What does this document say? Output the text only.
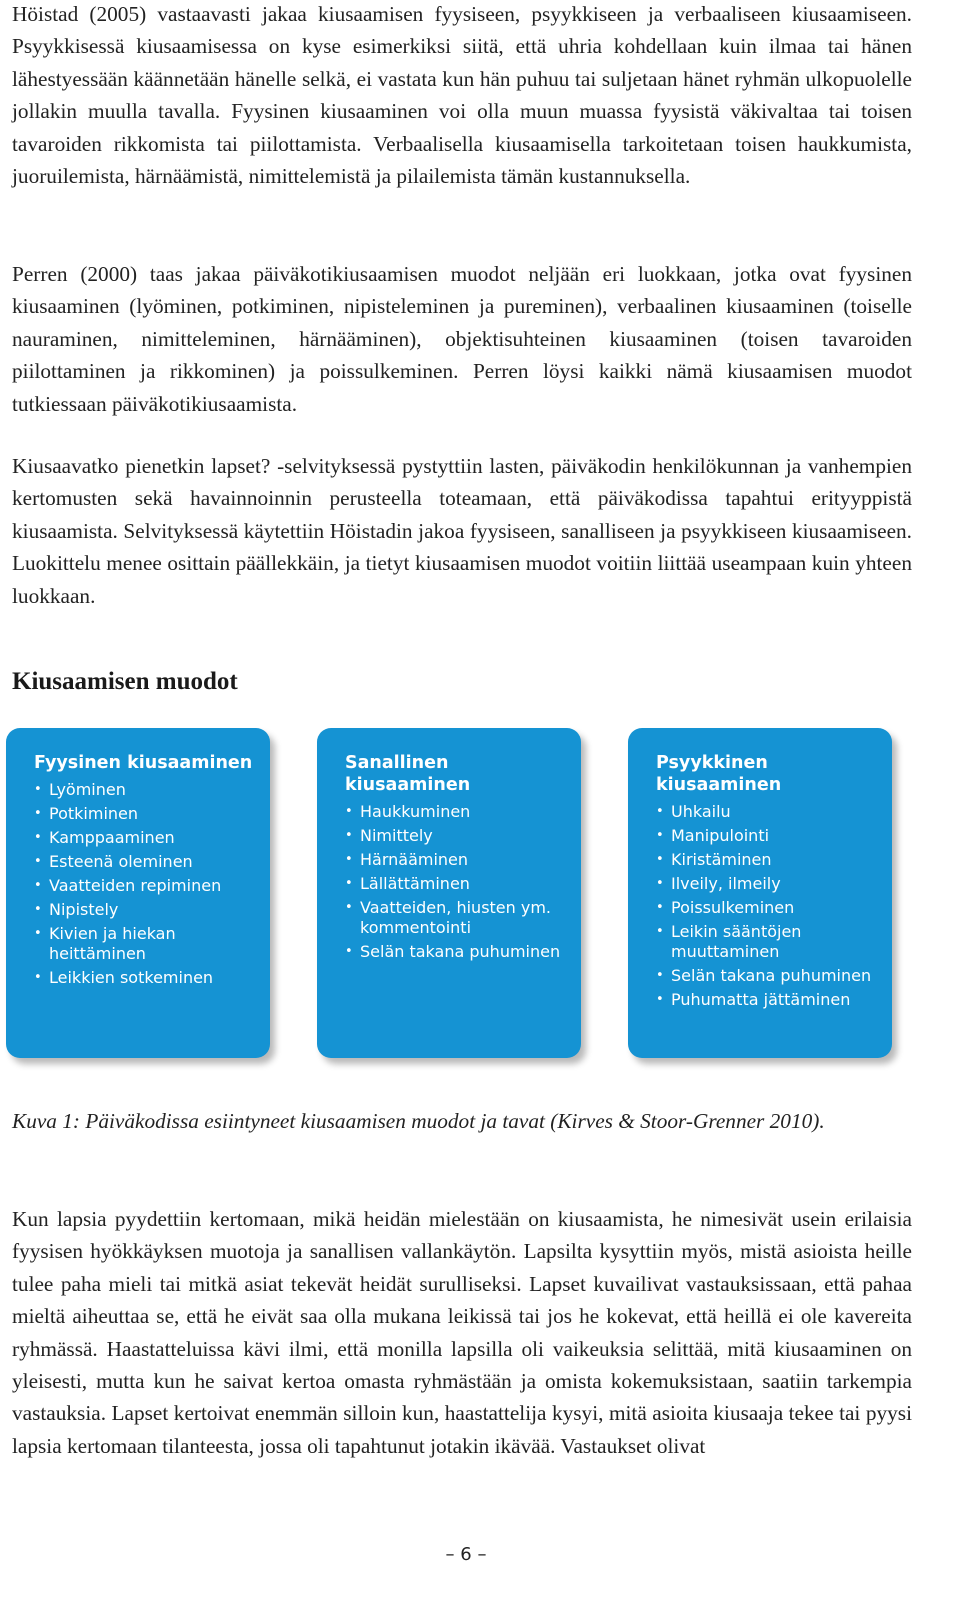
Höistad (2005) vastaavasti jakaa kiusaamisen fyysiseen, psyykkiseen ja verbaaliseen kiusaamiseen. Psyykkisessä kiusaamisessa on kyse esimerkiksi siitä, että uhria kohdellaan kuin ilmaa tai hänen lähestyessään käännetään hänelle selkä, ei vastata kun hän puhuu tai suljetaan hänet ryhmän ulkopuolelle jollakin muulla tavalla. Fyysinen kiusaaminen voi olla muun muassa fyysistä väkivaltaa tai toisen tavaroiden rikkomista tai piilottamista. Verbaalisella kiusaamisella tarkoitetaan toisen haukkumista, juoruilemista, härnäämistä, nimittelemistä ja pilailemista tämän kustannuksella.

Perren (2000) taas jakaa päiväkotikiusaamisen muodot neljään eri luokkaan, jotka ovat fyysinen kiusaaminen (lyöminen, potkiminen, nipisteleminen ja pureminen), verbaalinen kiusaaminen (toiselle nauraminen, nimitteleminen, härnääminen), objektisuhteinen kiusaaminen (toisen tavaroiden piilottaminen ja rikkominen) ja poissulkeminen. Perren löysi kaikki nämä kiusaamisen muodot tutkiessaan päiväkotikiusaamista.

Kiusaavatko pienetkin lapset? -selvityksessä pystyttiin lasten, päiväkodin henkilökunnan ja vanhempien kertomusten sekä havainnoinnin perusteella toteamaan, että päiväkodissa tapahtui erityyppistä kiusaamista. Selvityksessä käytettiin Höistadin jakoa fyysiseen, sanalliseen ja psyykkiseen kiusaamiseen. Luokittelu menee osittain päällekkäin, ja tietyt kiusaamisen muodot voitiin liittää useampaan kuin yhteen luokkaan.

Kiusaamisen muodot

Kuva 1: Päiväkodissa esiintyneet kiusaamisen muodot ja tavat (Kirves & Stoor-Grenner 2010).

Kun lapsia pyydettiin kertomaan, mikä heidän mielestään on kiusaamista, he nimesivät usein erilaisia fyysisen hyökkäyksen muotoja ja sanallisen vallankäytön. Lapsilta kysyttiin myös, mistä asioista heille tulee paha mieli tai mitkä asiat tekevät heidät surulliseksi. Lapset kuvailivat vastauksissaan, että pahaa mieltä aiheuttaa se, että he eivät saa olla mukana leikissä tai jos he kokevat, että heillä ei ole kavereita ryhmässä. Haastatteluissa kävi ilmi, että monilla lapsilla oli vaikeuksia selittää, mitä kiusaaminen on yleisesti, mutta kun he saivat kertoa omasta ryhmästään ja omista kokemuksistaan, saatiin tarkempia vastauksia. Lapset kertoivat enemmän silloin kun, haastattelija kysyi, mitä asioita kiusaaja tekee tai pyysi lapsia kertomaan tilanteesta, jossa oli tapahtunut jotakin ikävää. Vastaukset olivat

Fyysinen kiusaaminen
• Lyöminen
• Potkiminen
• Kamppaaminen
• Esteenä oleminen
• Vaatteiden repiminen
• Nipistely
• Kivien ja hiekan heittäminen
• Leikkien sotkeminen
Sanallinen kiusaaminen
• Haukkuminen
• Nimittely
• Härnääminen
• Lällättäminen
• Vaatteiden, hiusten ym. kommentointi
• Selän takana puhuminen
Psyykkinen kiusaaminen
• Uhkailu
• Manipulointi
• Kiristäminen
• Ilveily, ilmeily
• Poissulkeminen
• Leikin sääntöjen muuttaminen
• Selän takana puhuminen
• Puhumatta jättäminen
– 6 –
